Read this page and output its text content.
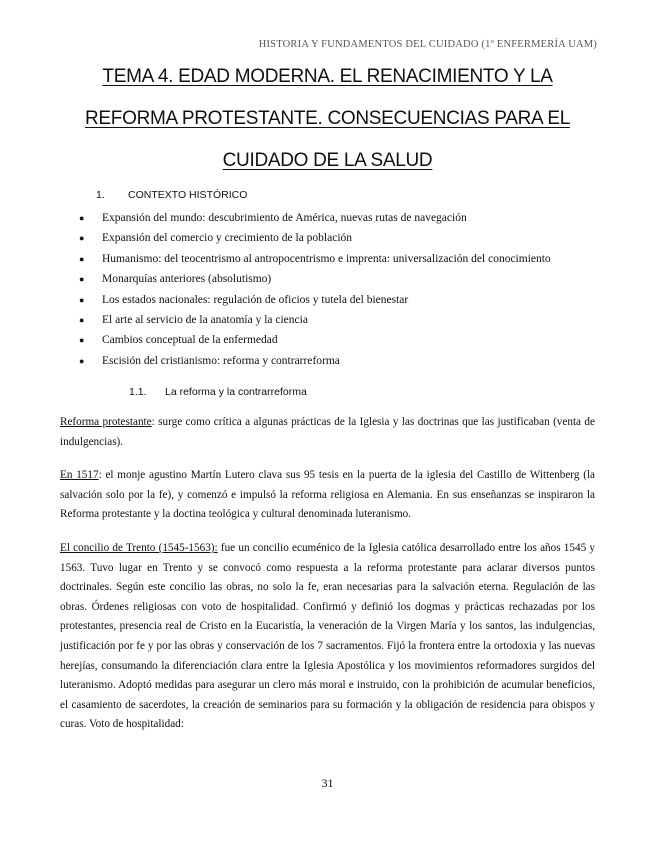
HISTORIA Y FUNDAMENTOS DEL CUIDADO (1º ENFERMERÍA UAM)
TEMA 4. EDAD MODERNA. EL RENACIMIENTO Y LA
REFORMA PROTESTANTE. CONSECUENCIAS PARA EL
CUIDADO DE LA SALUD
1.	CONTEXTO HISTÓRICO
●	Expansión del mundo: descubrimiento de América, nuevas rutas de navegación
●	Expansión del comercio y crecimiento de la población
●	Humanismo: del teocentrismo al antropocentrismo e imprenta: universalización del conocimiento
●	Monarquías anteriores (absolutismo)
●	Los estados nacionales: regulación de oficios y tutela del bienestar
●	El arte al servicio de la anatomía y la ciencia
●	Cambios conceptual de la enfermedad
●	Escisión del cristianismo: reforma y contrarreforma
1.1.	La reforma y la contrarreforma

Reforma protestante: surge como crítica a algunas prácticas de la Iglesia y las doctrinas que las justificaban (venta de indulgencias).

En 1517: el monje agustino Martín Lutero clava sus 95 tesis en la puerta de la iglesia del Castillo de Wittenberg (la salvación solo por la fe), y comenzó e impulsó la reforma religiosa en Alemania. En sus enseñanzas se inspiraron la Reforma protestante y la doctina teológica y cultural denominada luteranismo.

El concilio de Trento (1545-1563): fue un concilio ecuménico de la Iglesia católica desarrollado entre los años 1545 y 1563. Tuvo lugar en Trento y se convocó como respuesta a la reforma protestante para aclarar diversos puntos doctrinales. Según este concilio las obras, no solo la fe, eran necesarias para la salvación eterna. Regulación de las obras. Órdenes religiosas con voto de hospitalidad. Confirmó y definió los dogmas y prácticas rechazadas por los protestantes, presencia real de Cristo en la Eucaristía, la veneración de la Virgen María y los santos, las indulgencias, justificación por fe y por las obras y conservación de los 7 sacramentos. Fijó la frontera entre la ortodoxia y las nuevas herejías, consumando la diferenciación clara entre la Iglesia Apostólica y los movimientos reformadores surgidos del luteranismo. Adoptó medidas para asegurar un clero más moral e instruido, con la prohibición de acumular beneficios, el casamiento de sacerdotes, la creación de seminarios para su formación y la obligación de residencia para obispos y curas. Voto de hospitalidad:

31
